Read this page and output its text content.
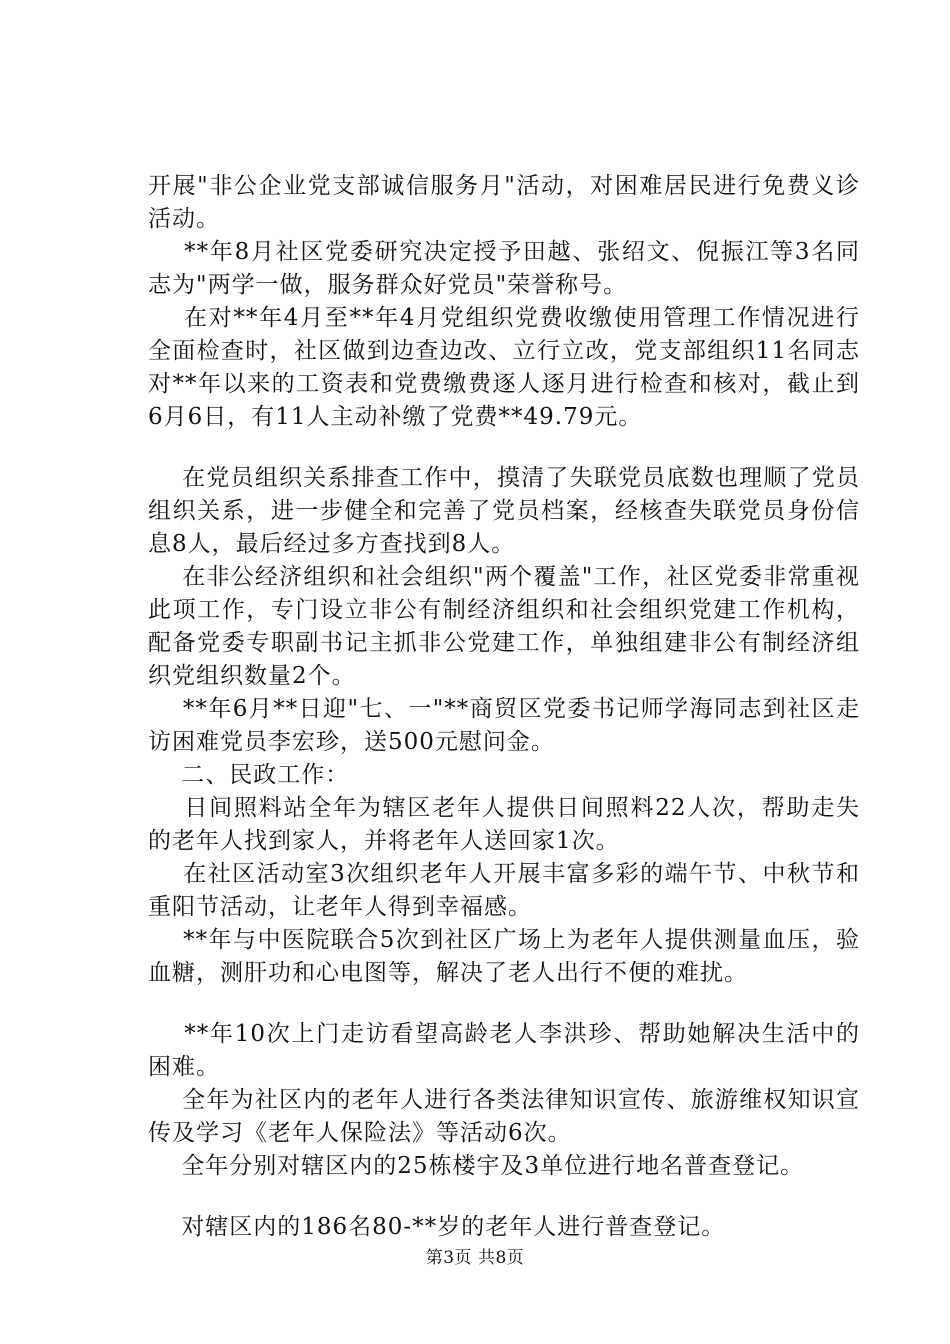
开展"非公企业党支部诚信服务月"活动，对困难居民进行免费义诊活动。

**年8月社区党委研究决定授予田越、张绍文、倪振江等3名同志为"两学一做，服务群众好党员"荣誉称号。

在对**年4月至**年4月党组织党费收缴使用管理工作情况进行全面检查时，社区做到边查边改、立行立改，党支部组织11名同志对**年以来的工资表和党费缴费逐人逐月进行检查和核对，截止到6月6日，有11人主动补缴了党费**49.79元。

在党员组织关系排查工作中，摸清了失联党员底数也理顺了党员组织关系，进一步健全和完善了党员档案，经核查失联党员身份信息8人，最后经过多方查找到8人。

在非公经济组织和社会组织"两个覆盖"工作，社区党委非常重视此项工作，专门设立非公有制经济组织和社会组织党建工作机构，配备党委专职副书记主抓非公党建工作，单独组建非公有制经济组织党组织数量2个。

**年6月**日迎"七、一"**商贸区党委书记师学海同志到社区走访困难党员李宏珍，送500元慰问金。

二、民政工作：

日间照料站全年为辖区老年人提供日间照料22人次，帮助走失的老年人找到家人，并将老年人送回家1次。

在社区活动室3次组织老年人开展丰富多彩的端午节、中秋节和重阳节活动，让老年人得到幸福感。

**年与中医院联合5次到社区广场上为老年人提供测量血压，验血糖，测肝功和心电图等，解决了老人出行不便的难扰。

**年10次上门走访看望高龄老人李洪珍、帮助她解决生活中的困难。

全年为社区内的老年人进行各类法律知识宣传、旅游维权知识宣传及学习《老年人保险法》等活动6次。

全年分别对辖区内的25栋楼宇及3单位进行地名普查登记。

对辖区内的186名80-**岁的老年人进行普查登记。

第3页 共8页
